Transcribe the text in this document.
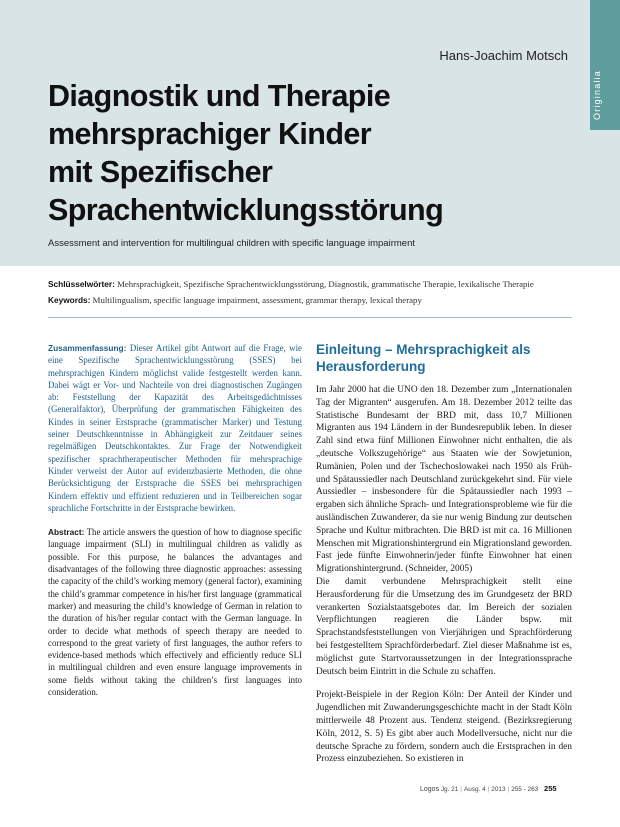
Originalia
Hans-Joachim Motsch
Diagnostik und Therapie
mehrsprachiger Kinder
mit Spezifischer
Sprachentwicklungsstörung
Assessment and intervention for multilingual children with specific language impairment
Schlüsselwörter: Mehrsprachigkeit, Spezifische Sprachentwicklungsstörung, Diagnostik, grammatische Therapie, lexikalische Therapie
Keywords: Multilingualism, specific language impairment, assessment, grammar therapy, lexical therapy

Zusammenfassung: Dieser Artikel gibt Antwort auf die Frage, wie eine Spezifische Sprachentwicklungsstörung (SSES) bei mehrsprachigen Kindern möglichst valide festgestellt werden kann. Dabei wägt er Vor- und Nachteile von drei diagnostischen Zugängen ab: Feststellung der Kapazität des Arbeitsgedächtnisses (Generalfaktor), Überprüfung der grammatischen Fähigkeiten des Kindes in seiner Erstsprache (grammatischer Marker) und Testung seiner Deutschkenntnisse in Abhängigkeit zur Zeitdauer seines regelmäßigen Deutschkontaktes. Zur Frage der Notwendigkeit spezifischer sprachtherapeutischer Methoden für mehrsprachige Kinder verweist der Autor auf evidenzbasierte Methoden, die ohne Berücksichtigung der Erstsprache die SSES bei mehrsprachigen Kindern effektiv und effizient reduzieren und in Teilbereichen sogar sprachliche Fortschritte in der Erstsprache bewirken.

Abstract: The article answers the question of how to diagnose specific language impairment (SLI) in multilingual children as validly as possible. For this purpose, he balances the advantages and disadvantages of the following three diagnostic approaches: assessing the capacity of the child’s working memory (general factor), examining the child’s grammar competence in his/her first language (grammatical marker) and measuring the child’s knowledge of German in relation to the duration of his/her regular contact with the German language. In order to decide what methods of speech therapy are needed to correspond to the great variety of first languages, the author refers to evidence-based methods which effectively and efficiently reduce SLI in multilingual children and even ensure language improvements in some fields without taking the children’s first languages into consideration.

Einleitung – Mehrsprachigkeit als Herausforderung

Im Jahr 2000 hat die UNO den 18. Dezember zum „Internationalen Tag der Migranten“ ausgerufen. Am 18. Dezember 2012 teilte das Statistische Bundesamt der BRD mit, dass 10,7 Millionen Migranten aus 194 Ländern in der Bundesrepublik leben. In dieser Zahl sind etwa fünf Millionen Einwohner nicht enthalten, die als „deutsche Volkszugehörige“ aus Staaten wie der Sowjetunion, Rumänien, Polen und der Tschechoslowakei nach 1950 als Früh- und Spätaussiedler nach Deutschland zurückgekehrt sind. Für viele Aussiedler – insbesondere für die Spätaussiedler nach 1993 – ergaben sich ähnliche Sprach- und Integrationsprobleme wie für die ausländischen Zuwanderer, da sie nur wenig Bindung zur deutschen Sprache und Kultur mitbrachten. Die BRD ist mit ca. 16 Millionen Menschen mit Migrationshintergrund ein Migrationsland geworden. Fast jede fünfte Einwohnerin/jeder fünfte Einwohner hat einen Migrationshintergrund. (Schneider, 2005)

Die damit verbundene Mehrsprachigkeit stellt eine Herausforderung für die Umsetzung des im Grundgesetz der BRD verankerten Sozialstaatsgebotes dar. Im Bereich der sozialen Verpflichtungen reagieren die Länder bspw. mit Sprachstandsfeststellungen von Vierjährigen und Sprachförderung bei festgestelltem Sprachförderbedarf. Ziel dieser Maßnahme ist es, möglichst gute Startvoraussetzungen in der Integrationssprache Deutsch beim Eintritt in die Schule zu schaffen.

Projekt-Beispiele in der Region Köln: Der Anteil der Kinder und Jugendlichen mit Zuwanderungsgeschichte macht in der Stadt Köln mittlerweile 48 Prozent aus. Tendenz steigend. (Bezirksregierung Köln, 2012, S. 5) Es gibt aber auch Modellversuche, nicht nur die deutsche Sprache zu fördern, sondern auch die Erstsprachen in den Prozess einzubeziehen. So existieren in

Logos Jg. 21 | Ausg. 4 | 2013 | 255 - 263 255
